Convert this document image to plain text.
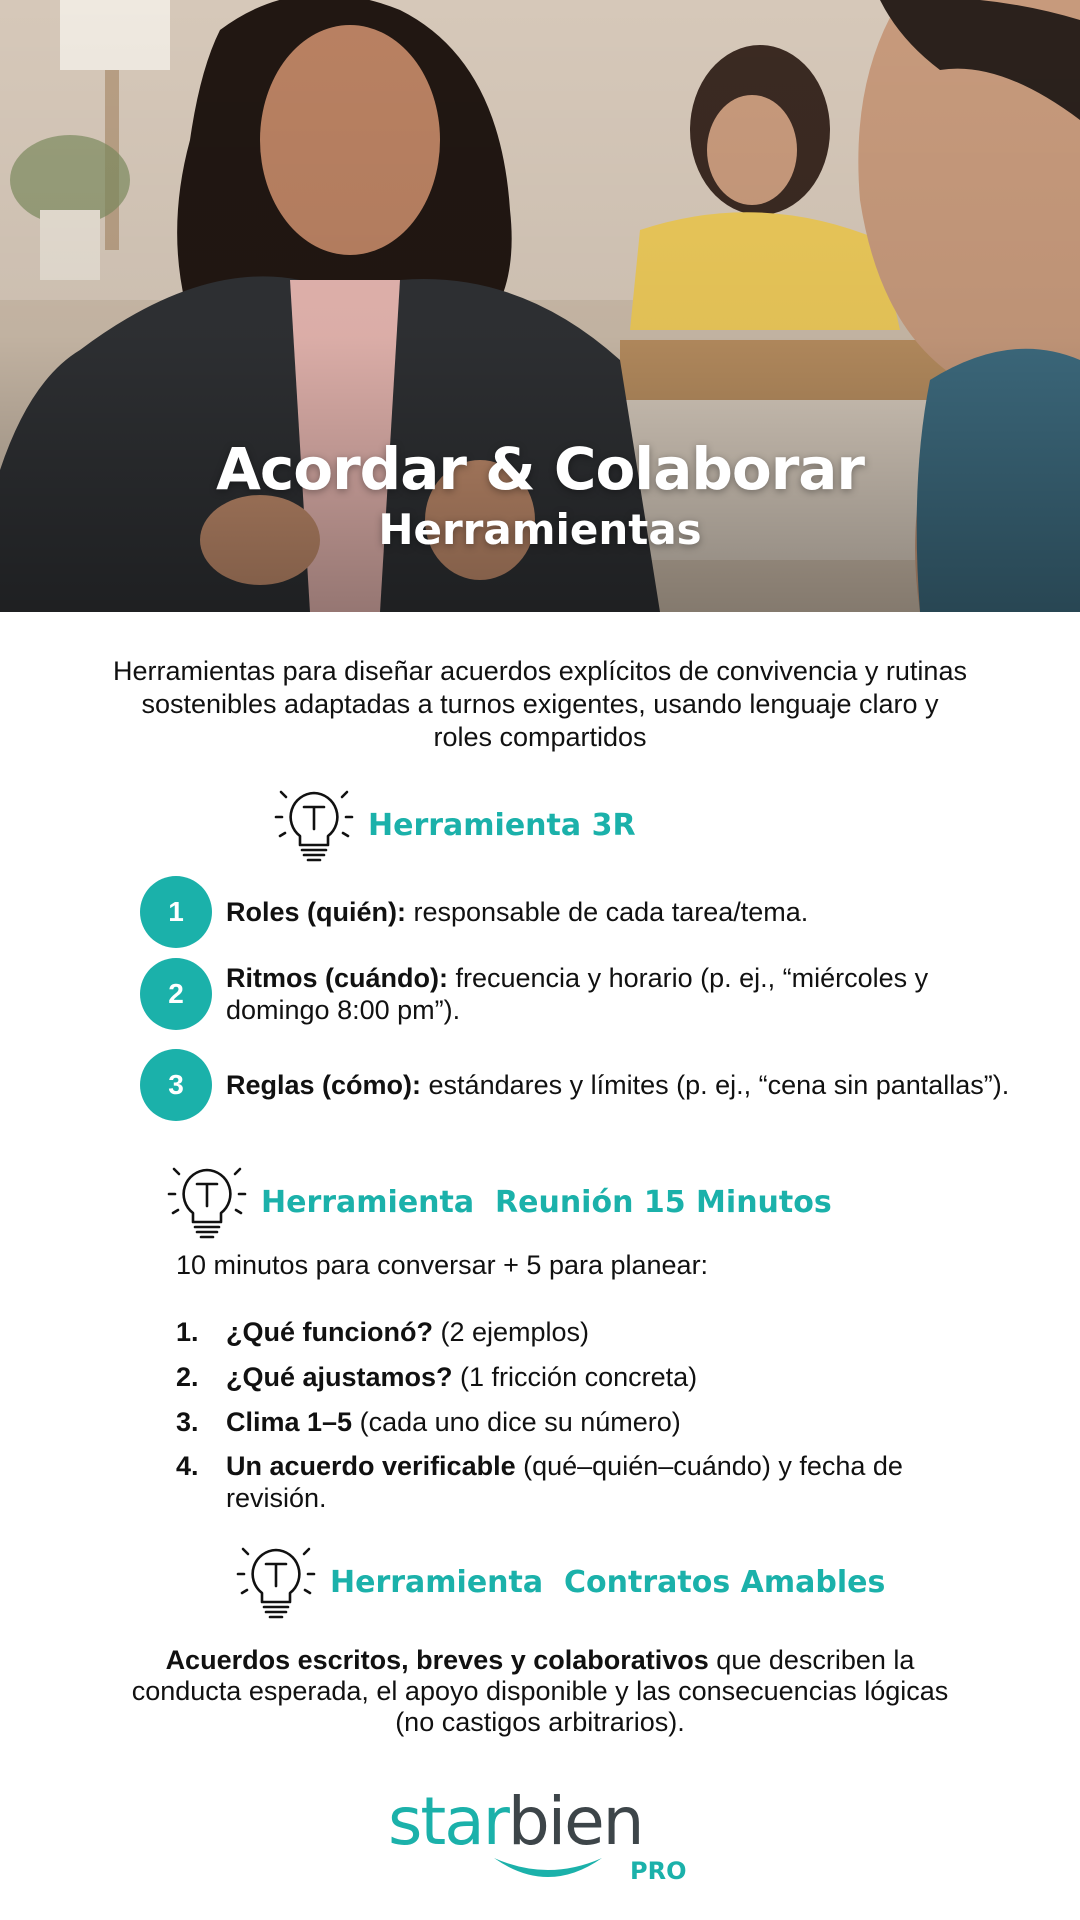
Acordar & Colaborar
Herramientas
Herramientas para diseñar acuerdos explícitos de convivencia y rutinas sostenibles adaptadas a turnos exigentes, usando lenguaje claro y roles compartidos
Herramienta 3R
1	Roles (quién): responsable de cada tarea/tema.
2	Ritmos (cuándo): frecuencia y horario (p. ej., “miércoles y domingo 8:00 pm”).
3	Reglas (cómo): estándares y límites (p. ej., “cena sin pantallas”).
Herramienta  Reunión 15 Minutos
10 minutos para conversar + 5 para planear:
1.	¿Qué funcionó? (2 ejemplos)
2.	¿Qué ajustamos? (1 fricción concreta)
3.	Clima 1–5 (cada uno dice su número)
4.	Un acuerdo verificable (qué–quién–cuándo) y fecha de revisión.
Herramienta  Contratos Amables
Acuerdos escritos, breves y colaborativos que describen la conducta esperada, el apoyo disponible y las consecuencias lógicas (no castigos arbitrarios).
starbien
PRO
